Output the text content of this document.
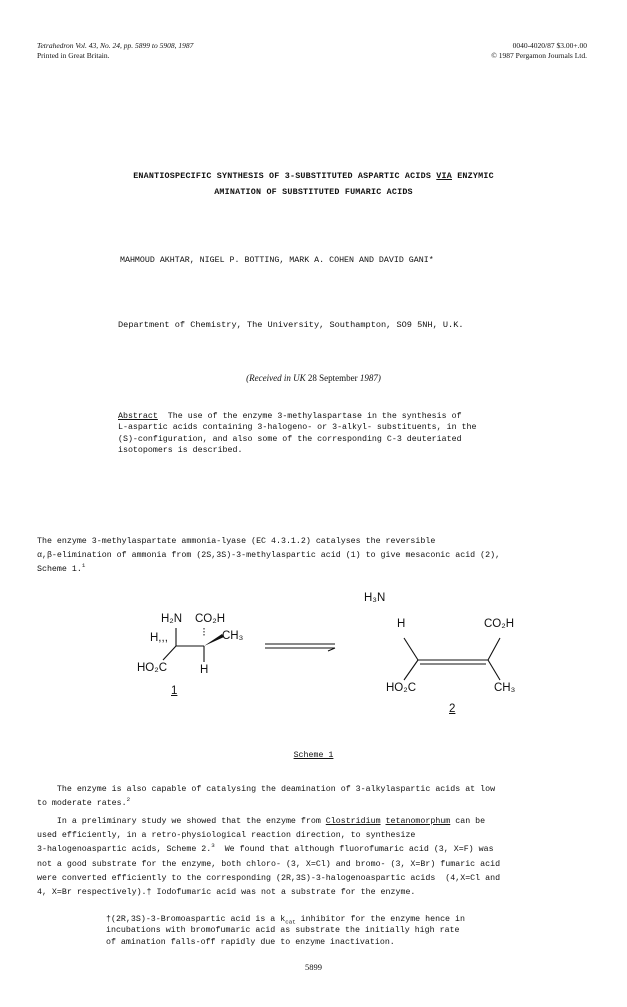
Tetrahedron Vol. 43, No. 24, pp. 5899 to 5908, 1987
Printed in Great Britain.
0040-4020/87 $3.00+.00
© 1987 Pergamon Journals Ltd.
ENANTIOSPECIFIC SYNTHESIS OF 3-SUBSTITUTED ASPARTIC ACIDS VIA ENZYMIC
AMINATION OF SUBSTITUTED FUMARIC ACIDS
MAHMOUD AKHTAR, NIGEL P. BOTTING, MARK A. COHEN AND DAVID GANI*
Department of Chemistry, The University, Southampton, SO9 5NH, U.K.
(Received in UK 28 September 1987)
Abstract  The use of the enzyme 3-methylaspartase in the synthesis of
L-aspartic acids containing 3-halogeno- or 3-alkyl- substituents, in the
(S)-configuration, and also some of the corresponding C-3 deuteriated
isotopomers is described.
The enzyme 3-methylaspartate ammonia-lyase (EC 4.3.1.2) catalyses the reversible
α,β-elimination of ammonia from (2S,3S)-3-methylaspartic acid (1) to give mesaconic acid (2),
Scheme 1.$^1$
H₂N CO₂H
H,,,	CH₃
HO₂C	H
1
H₃N
H	CO₂H
HO₂C	CH₃
2
Scheme 1
The enzyme is also capable of catalysing the deamination of 3-alkylaspartic acids at low
to moderate rates.$^2$
In a preliminary study we showed that the enzyme from Clostridium tetanomorphum can be
used efficiently, in a retro-physiological reaction direction, to synthesize
3-halogenoaspartic acids, Scheme 2.$^3$  We found that although fluorofumaric acid (3, X=F) was
not a good substrate for the enzyme, both chloro- (3, X=Cl) and bromo- (3, X=Br) fumaric acid
were converted efficiently to the corresponding (2R,3S)-3-halogenoaspartic acids  (4,X=Cl and
4, X=Br respectively).† Iodofumaric acid was not a substrate for the enzyme.
†(2R,3S)-3-Bromoaspartic acid is a $k_{cat}$ inhibitor for the enzyme hence in
incubations with bromofumaric acid as substrate the initially high rate
of amination falls-off rapidly due to enzyme inactivation.
5899
